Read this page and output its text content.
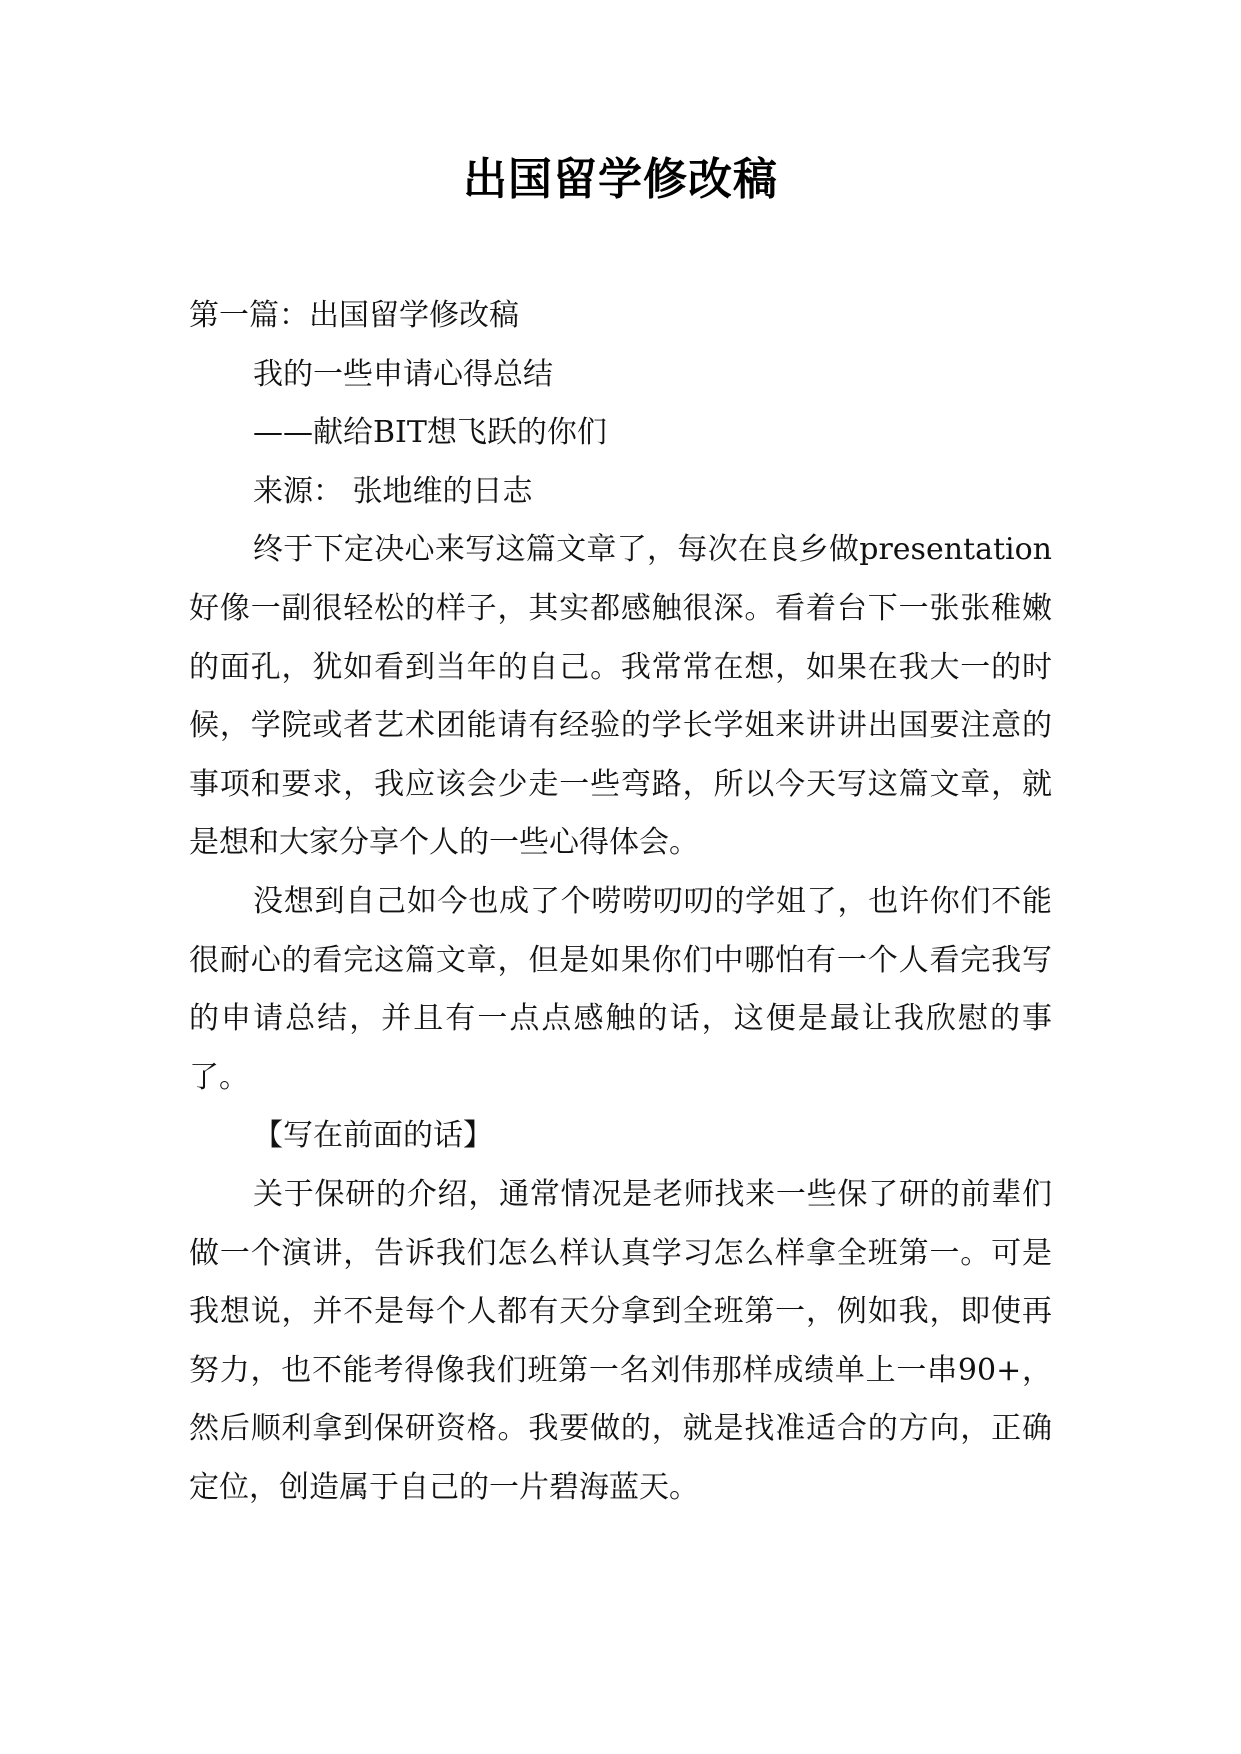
出国留学修改稿

第一篇：出国留学修改稿

我的一些申请心得总结

——献给BIT想飞跃的你们

来源： 张地维的日志

终于下定决心来写这篇文章了，每次在良乡做presentation好像一副很轻松的样子，其实都感触很深。看着台下一张张稚嫩的面孔，犹如看到当年的自己。我常常在想，如果在我大一的时候，学院或者艺术团能请有经验的学长学姐来讲讲出国要注意的事项和要求，我应该会少走一些弯路，所以今天写这篇文章，就是想和大家分享个人的一些心得体会。

没想到自己如今也成了个唠唠叨叨的学姐了，也许你们不能很耐心的看完这篇文章，但是如果你们中哪怕有一个人看完我写的申请总结，并且有一点点感触的话，这便是最让我欣慰的事了。

【写在前面的话】

关于保研的介绍，通常情况是老师找来一些保了研的前辈们做一个演讲，告诉我们怎么样认真学习怎么样拿全班第一。可是我想说，并不是每个人都有天分拿到全班第一，例如我，即使再努力，也不能考得像我们班第一名刘伟那样成绩单上一串90+，然后顺利拿到保研资格。我要做的，就是找准适合的方向，正确定位，创造属于自己的一片碧海蓝天。
